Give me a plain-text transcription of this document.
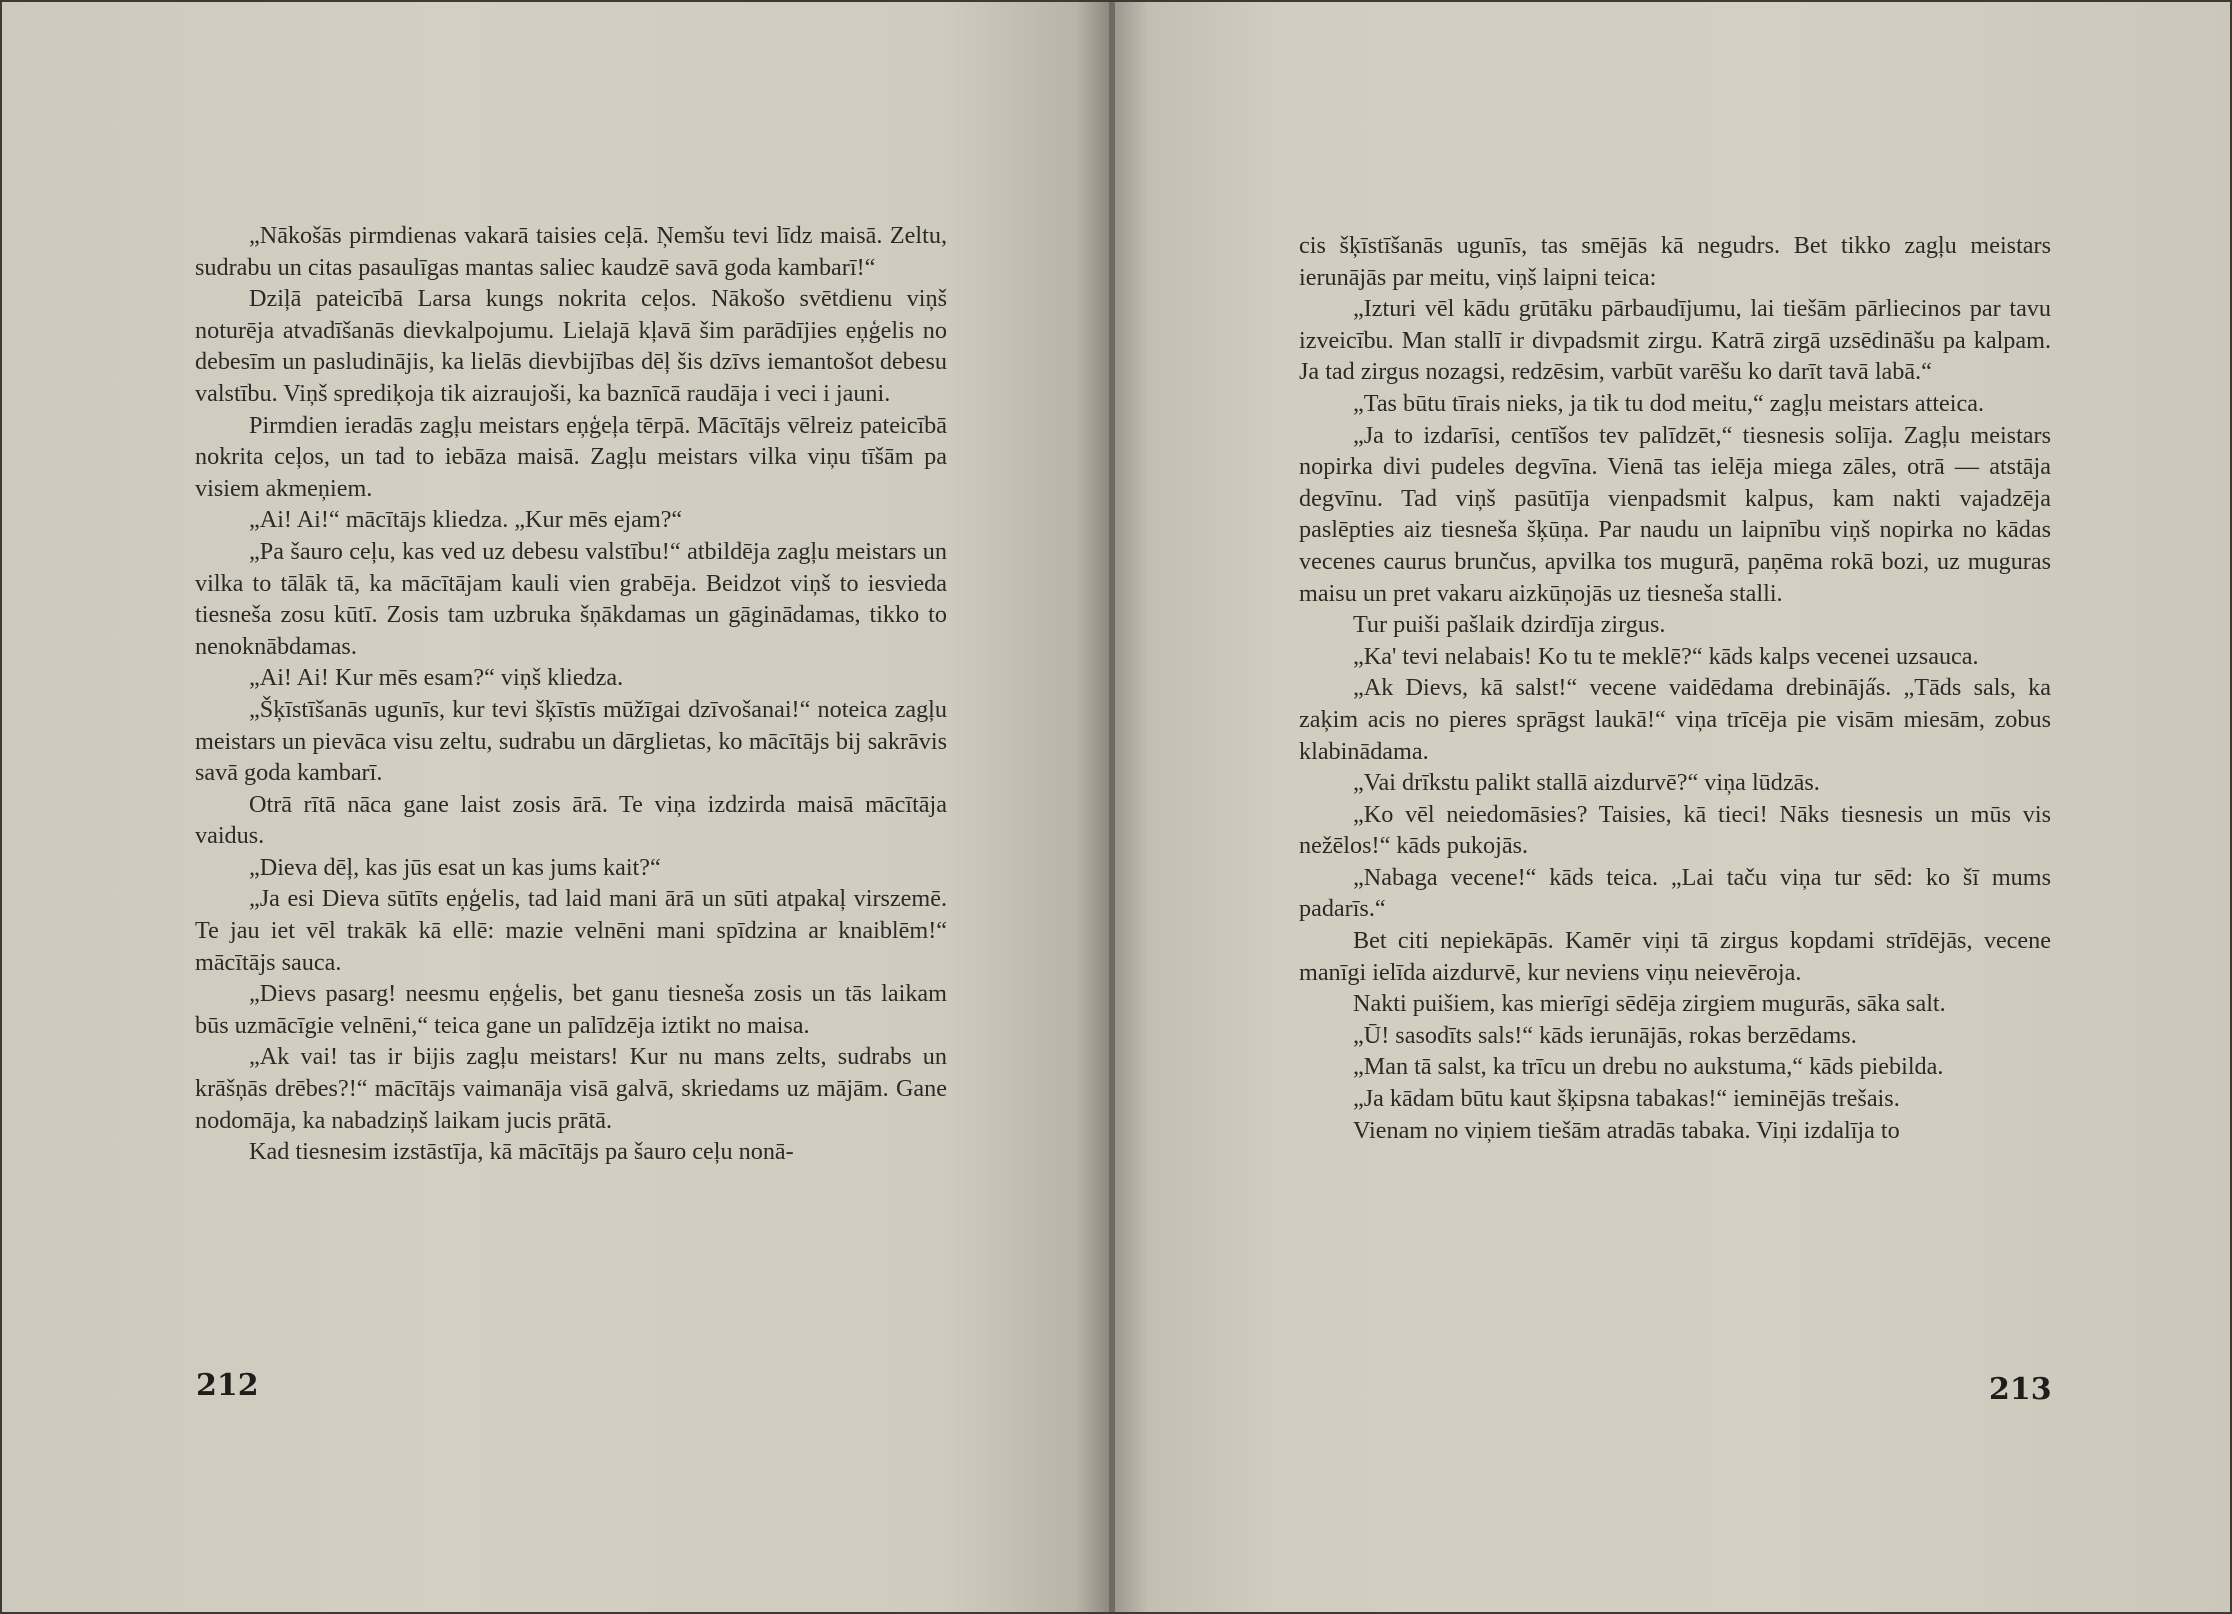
„Nākošās pirmdienas vakarā taisies ceļā. Ņemšu tevi līdz maisā. Zeltu, sudrabu un citas pasaulīgas mantas saliec kaudzē savā goda kambarī!“

Dziļā pateicībā Larsa kungs nokrita ceļos. Nākošo svētdienu viņš noturēja atvadīšanās dievkalpojumu. Lielajā kļavā šim parādījies eņģelis no debesīm un pasludinājis, ka lielās dievbijības dēļ šis dzīvs iemantošot debesu valstību. Viņš sprediķoja tik aizraujoši, ka baznīcā raudāja i veci i jauni.

Pirmdien ieradās zagļu meistars eņģeļa tērpā. Mācītājs vēlreiz pateicībā nokrita ceļos, un tad to iebāza maisā. Zagļu meistars vilka viņu tīšām pa visiem akmeņiem.

„Ai! Ai!“ mācītājs kliedza. „Kur mēs ejam?“

„Pa šauro ceļu, kas ved uz debesu valstību!“ atbildēja zagļu meistars un vilka to tālāk tā, ka mācītājam kauli vien grabēja. Beidzot viņš to iesvieda tiesneša zosu kūtī. Zosis tam uzbruka šņākdamas un gāginādamas, tikko to nenoknābdamas.

„Ai! Ai! Kur mēs esam?“ viņš kliedza.

„Šķīstīšanās ugunīs, kur tevi šķīstīs mūžīgai dzīvošanai!“ noteica zagļu meistars un pievāca visu zeltu, sudrabu un dārglietas, ko mācītājs bij sakrāvis savā goda kambarī.

Otrā rītā nāca gane laist zosis ārā. Te viņa izdzirda maisā mācītāja vaidus.

„Dieva dēļ, kas jūs esat un kas jums kait?“

„Ja esi Dieva sūtīts eņģelis, tad laid mani ārā un sūti atpakaļ virszemē. Te jau iet vēl trakāk kā ellē: mazie velnēni mani spīdzina ar knaiblēm!“ mācītājs sauca.

„Dievs pasarg! neesmu eņģelis, bet ganu tiesneša zosis un tās laikam būs uzmācīgie velnēni,“ teica gane un palīdzēja iztikt no maisa.

„Ak vai! tas ir bijis zagļu meistars! Kur nu mans zelts, sudrabs un krāšņās drēbes?!“ mācītājs vaimanāja visā galvā, skriedams uz mājām. Gane nodomāja, ka nabadziņš laikam jucis prātā.

Kad tiesnesim izstāstīja, kā mācītājs pa šauro ceļu nonā-

212

cis šķīstīšanās ugunīs, tas smējās kā negudrs. Bet tikko zagļu meistars ierunājās par meitu, viņš laipni teica:

„Izturi vēl kādu grūtāku pārbaudījumu, lai tiešām pārliecinos par tavu izveicību. Man stallī ir divpadsmit zirgu. Katrā zirgā uzsēdināšu pa kalpam. Ja tad zirgus nozagsi, redzēsim, varbūt varēšu ko darīt tavā labā.“

„Tas būtu tīrais nieks, ja tik tu dod meitu,“ zagļu meistars atteica.

„Ja to izdarīsi, centīšos tev palīdzēt,“ tiesnesis solīja. Zagļu meistars nopirka divi pudeles degvīna. Vienā tas ielēja miega zāles, otrā — atstāja degvīnu. Tad viņš pasūtīja vienpadsmit kalpus, kam nakti vajadzēja paslēpties aiz tiesneša šķūņa. Par naudu un laipnību viņš nopirka no kādas vecenes caurus brunčus, apvilka tos mugurā, paņēma rokā bozi, uz muguras maisu un pret vakaru aizkūņojās uz tiesneša stalli.

Tur puiši pašlaik dzirdīja zirgus.

„Ka' tevi nelabais! Ko tu te meklē?“ kāds kalps vecenei uzsauca.

„Ak Dievs, kā salst!“ vecene vaidēdama drebināja̋s. „Tāds sals, ka zaķim acis no pieres sprāgst laukā!“ viņa trīcēja pie visām miesām, zobus klabinādama.

„Vai drīkstu palikt stallā aizdurvē?“ viņa lūdzās.

„Ko vēl neiedomāsies? Taisies, kā tieci! Nāks tiesnesis un mūs vis nežēlos!“ kāds pukojās.

„Nabaga vecene!“ kāds teica. „Lai taču viņa tur sēd: ko šī mums padarīs.“

Bet citi nepiekāpās. Kamēr viņi tā zirgus kopdami strīdējās, vecene manīgi ielīda aizdurvē, kur neviens viņu neievēroja.

Nakti puišiem, kas mierīgi sēdēja zirgiem mugurās, sāka salt.

„Ū! sasodīts sals!“ kāds ierunājās, rokas berzēdams.

„Man tā salst, ka trīcu un drebu no aukstuma,“ kāds piebilda.

„Ja kādam būtu kaut šķipsna tabakas!“ ieminējās trešais.

Vienam no viņiem tiešām atradās tabaka. Viņi izdalīja to

213
